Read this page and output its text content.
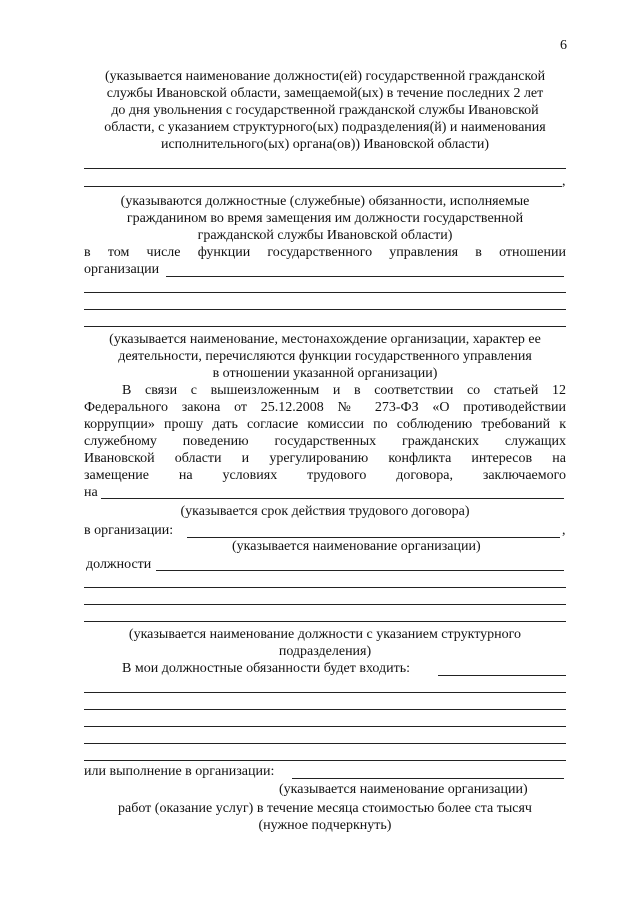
6
(указывается наименование должности(ей) государственной гражданской
службы Ивановской области, замещаемой(ых) в течение последних 2 лет
до дня увольнения с государственной гражданской службы Ивановской
области, с указанием структурного(ых) подразделения(й) и наименования
исполнительного(ых) органа(ов)) Ивановской области)
,
(указываются должностные (служебные) обязанности, исполняемые
гражданином во время замещения им должности государственной
гражданской службы Ивановской области)
в том числе функции государственного управления в отношении
организации
(указывается наименование, местонахождение организации, характер ее
деятельности, перечисляются функции государственного управления
в отношении указанной организации)
В связи с вышеизложенным и в соответствии со статьей 12
Федерального закона от 25.12.2008 № 273-ФЗ «О противодействии
коррупции» прошу дать согласие комиссии по соблюдению требований к
служебному поведению государственных гражданских служащих
Ивановской области и урегулированию конфликта интересов на
замещение на условиях трудового договора, заключаемого
на
(указывается срок действия трудового договора)
в организации:	,
(указывается наименование организации)
должности
(указывается наименование должности с указанием структурного
подразделения)
В мои должностные обязанности будет входить:
или выполнение в организации:
(указывается наименование организации)
работ (оказание услуг) в течение месяца стоимостью более ста тысяч
(нужное подчеркнуть)
